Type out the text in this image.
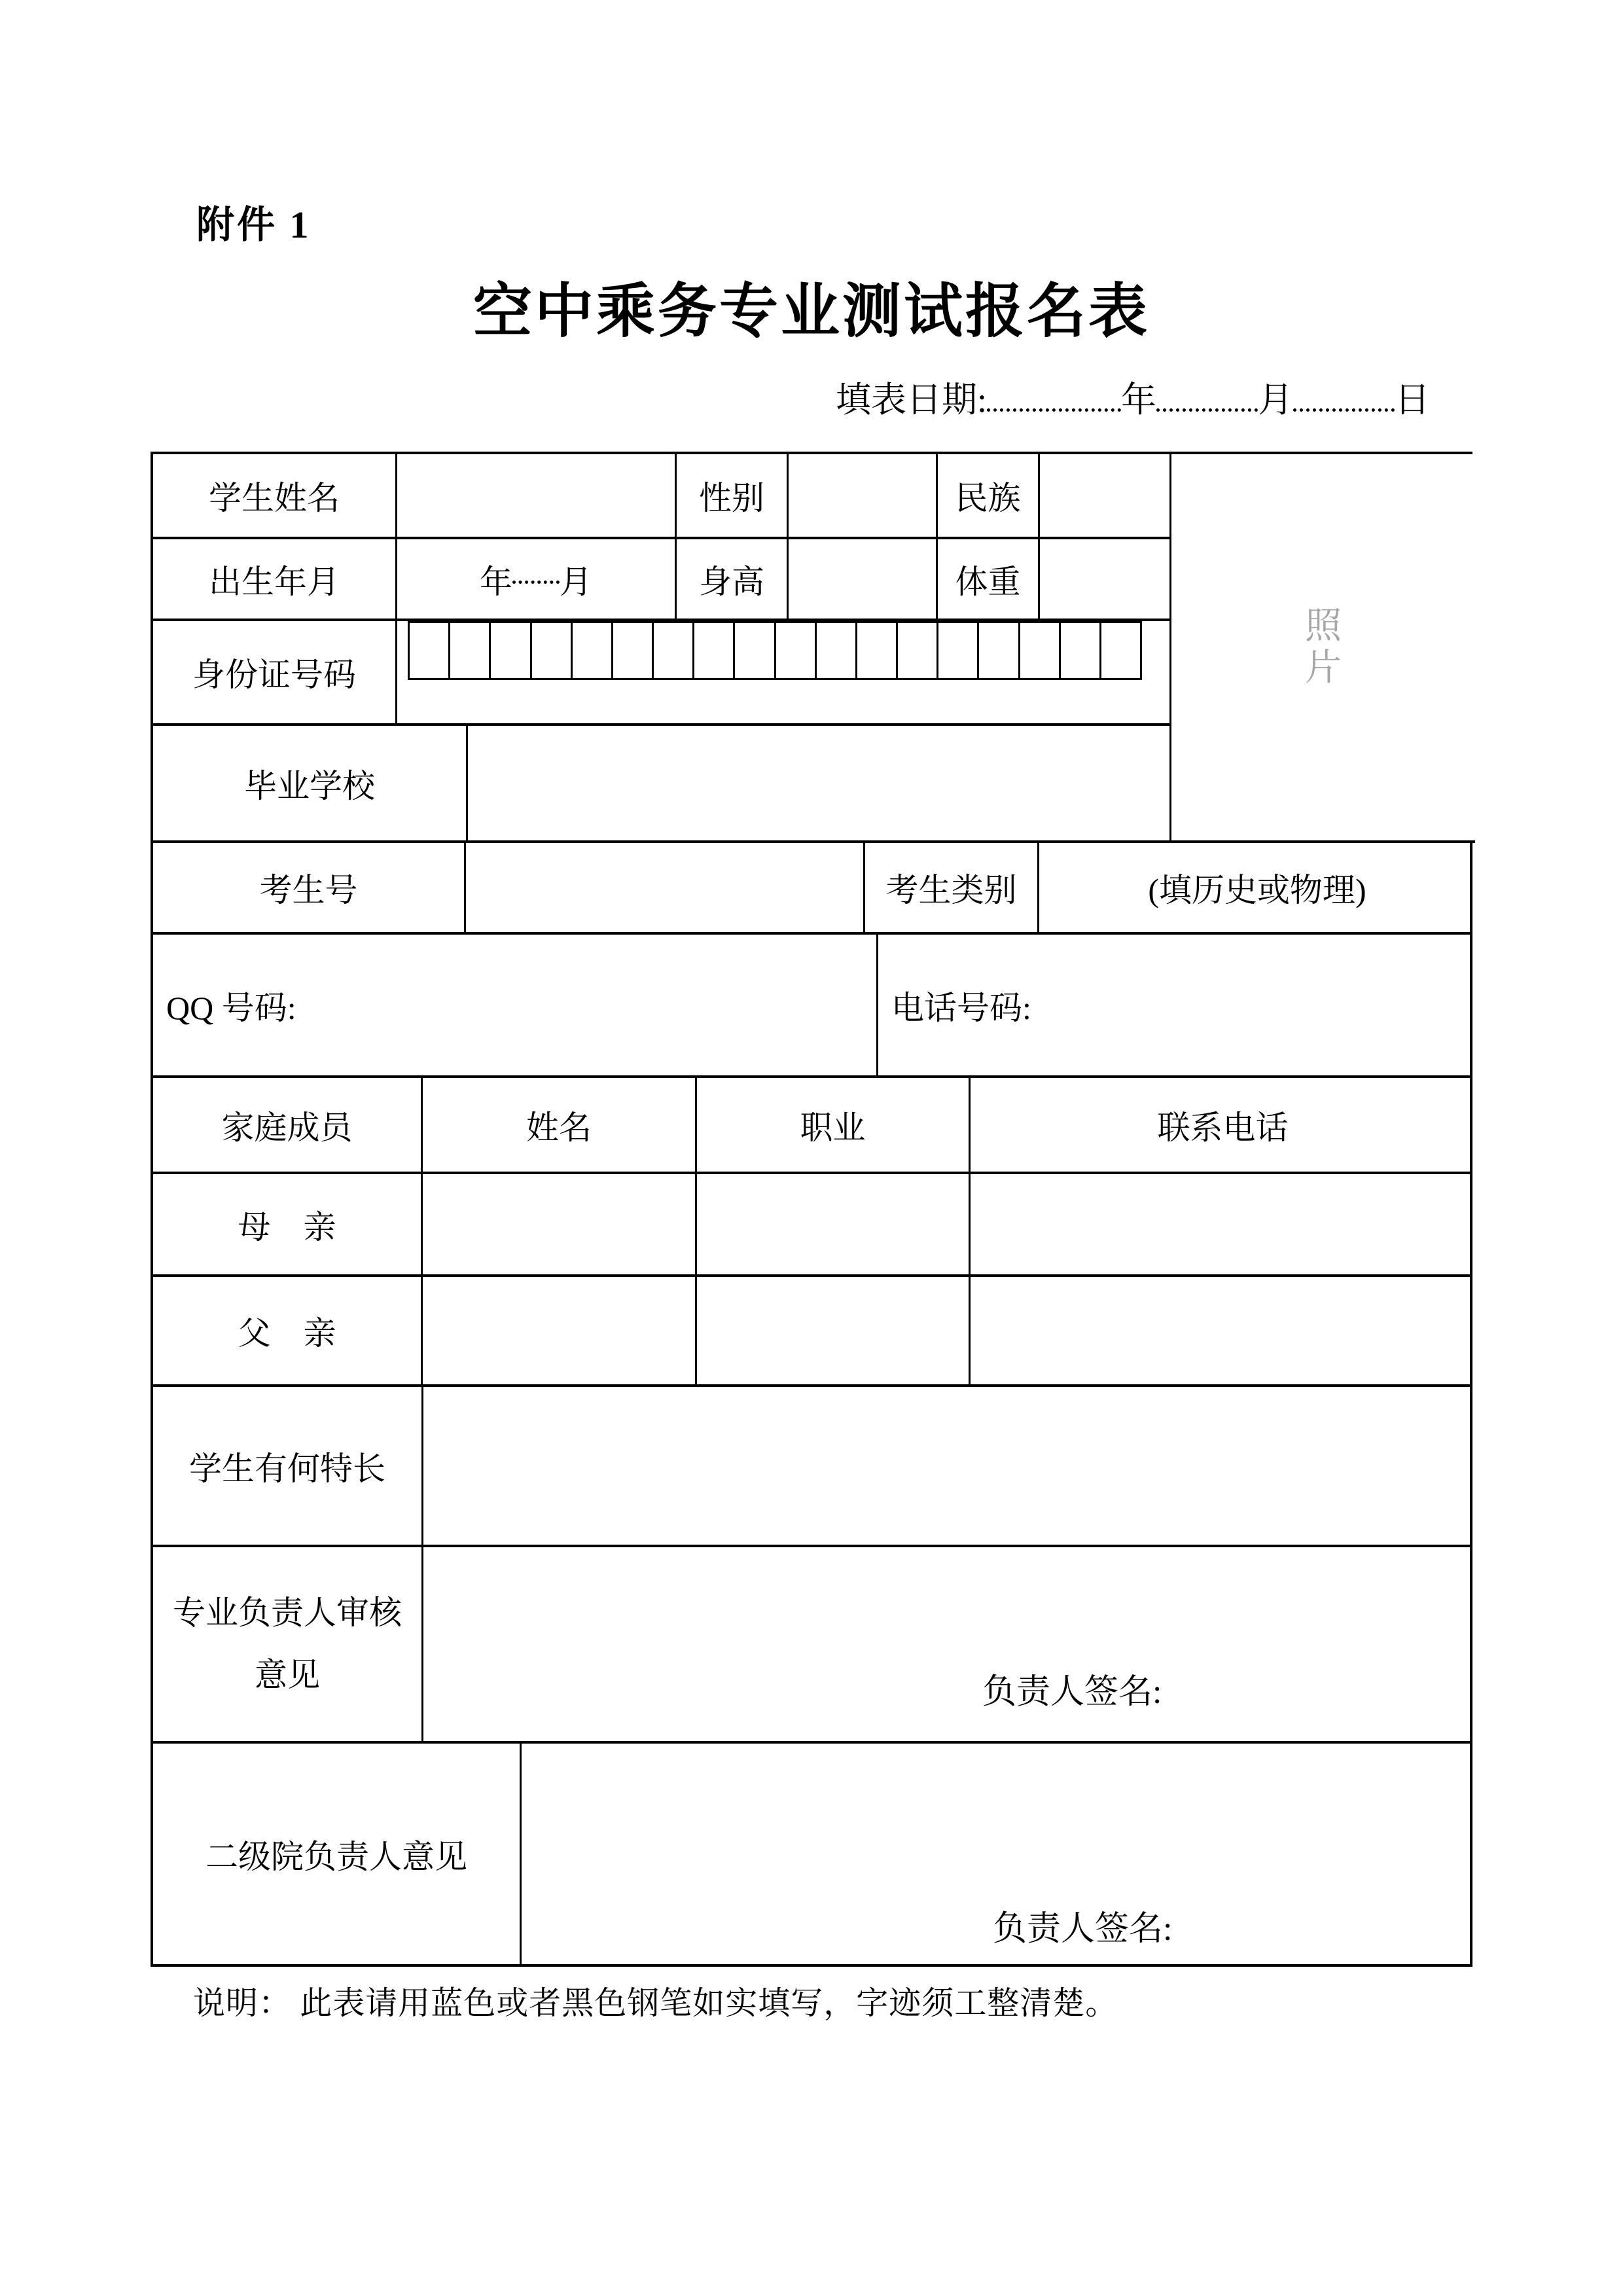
附件 1
空中乘务专业测试报名表
填表日期:	年	月	日
照片
学生姓名	性别	民族
出生年月	年 月	身高	体重
身份证号码
毕业学校
考生号	考生类别	(填历史或物理)
QQ 号码:	电话号码:
家庭成员	姓名	职业	联系电话
母　亲
父　亲
学生有何特长
专业负责人审核
意见	负责人签名:
二级院负责人意见
负责人签名:
说明： 此表请用蓝色或者黑色钢笔如实填写，字迹须工整清楚。
